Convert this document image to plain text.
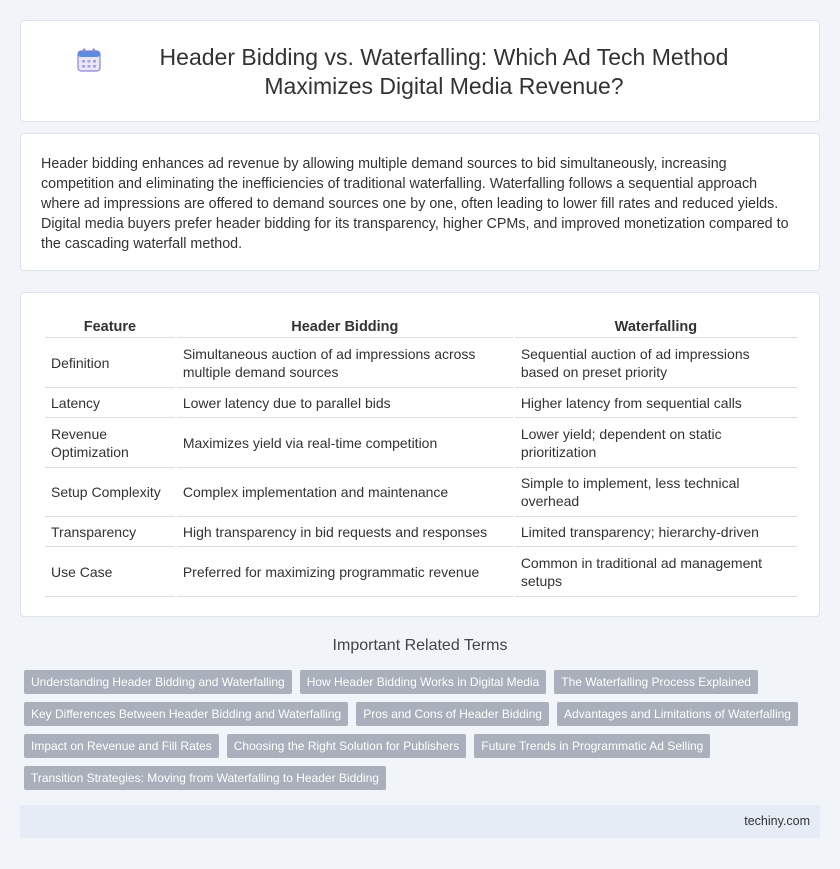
Header Bidding vs. Waterfalling: Which Ad Tech Method Maximizes Digital Media Revenue?

Header bidding enhances ad revenue by allowing multiple demand sources to bid simultaneously, increasing competition and eliminating the inefficiencies of traditional waterfalling. Waterfalling follows a sequential approach where ad impressions are offered to demand sources one by one, often leading to lower fill rates and reduced yields. Digital media buyers prefer header bidding for its transparency, higher CPMs, and improved monetization compared to the cascading waterfall method.

Feature	Header Bidding	Waterfalling
Definition	Simultaneous auction of ad impressions across multiple demand sources	Sequential auction of ad impressions based on preset priority
Latency	Lower latency due to parallel bids	Higher latency from sequential calls
Revenue Optimization	Maximizes yield via real-time competition	Lower yield; dependent on static prioritization
Setup Complexity	Complex implementation and maintenance	Simple to implement, less technical overhead
Transparency	High transparency in bid requests and responses	Limited transparency; hierarchy-driven
Use Case	Preferred for maximizing programmatic revenue	Common in traditional ad management setups
Important Related Terms
Understanding Header Bidding and Waterfalling	How Header Bidding Works in Digital Media	The Waterfalling Process Explained
Key Differences Between Header Bidding and Waterfalling	Pros and Cons of Header Bidding	Advantages and Limitations of Waterfalling
Impact on Revenue and Fill Rates	Choosing the Right Solution for Publishers	Future Trends in Programmatic Ad Selling
Transition Strategies: Moving from Waterfalling to Header Bidding
techiny.com
